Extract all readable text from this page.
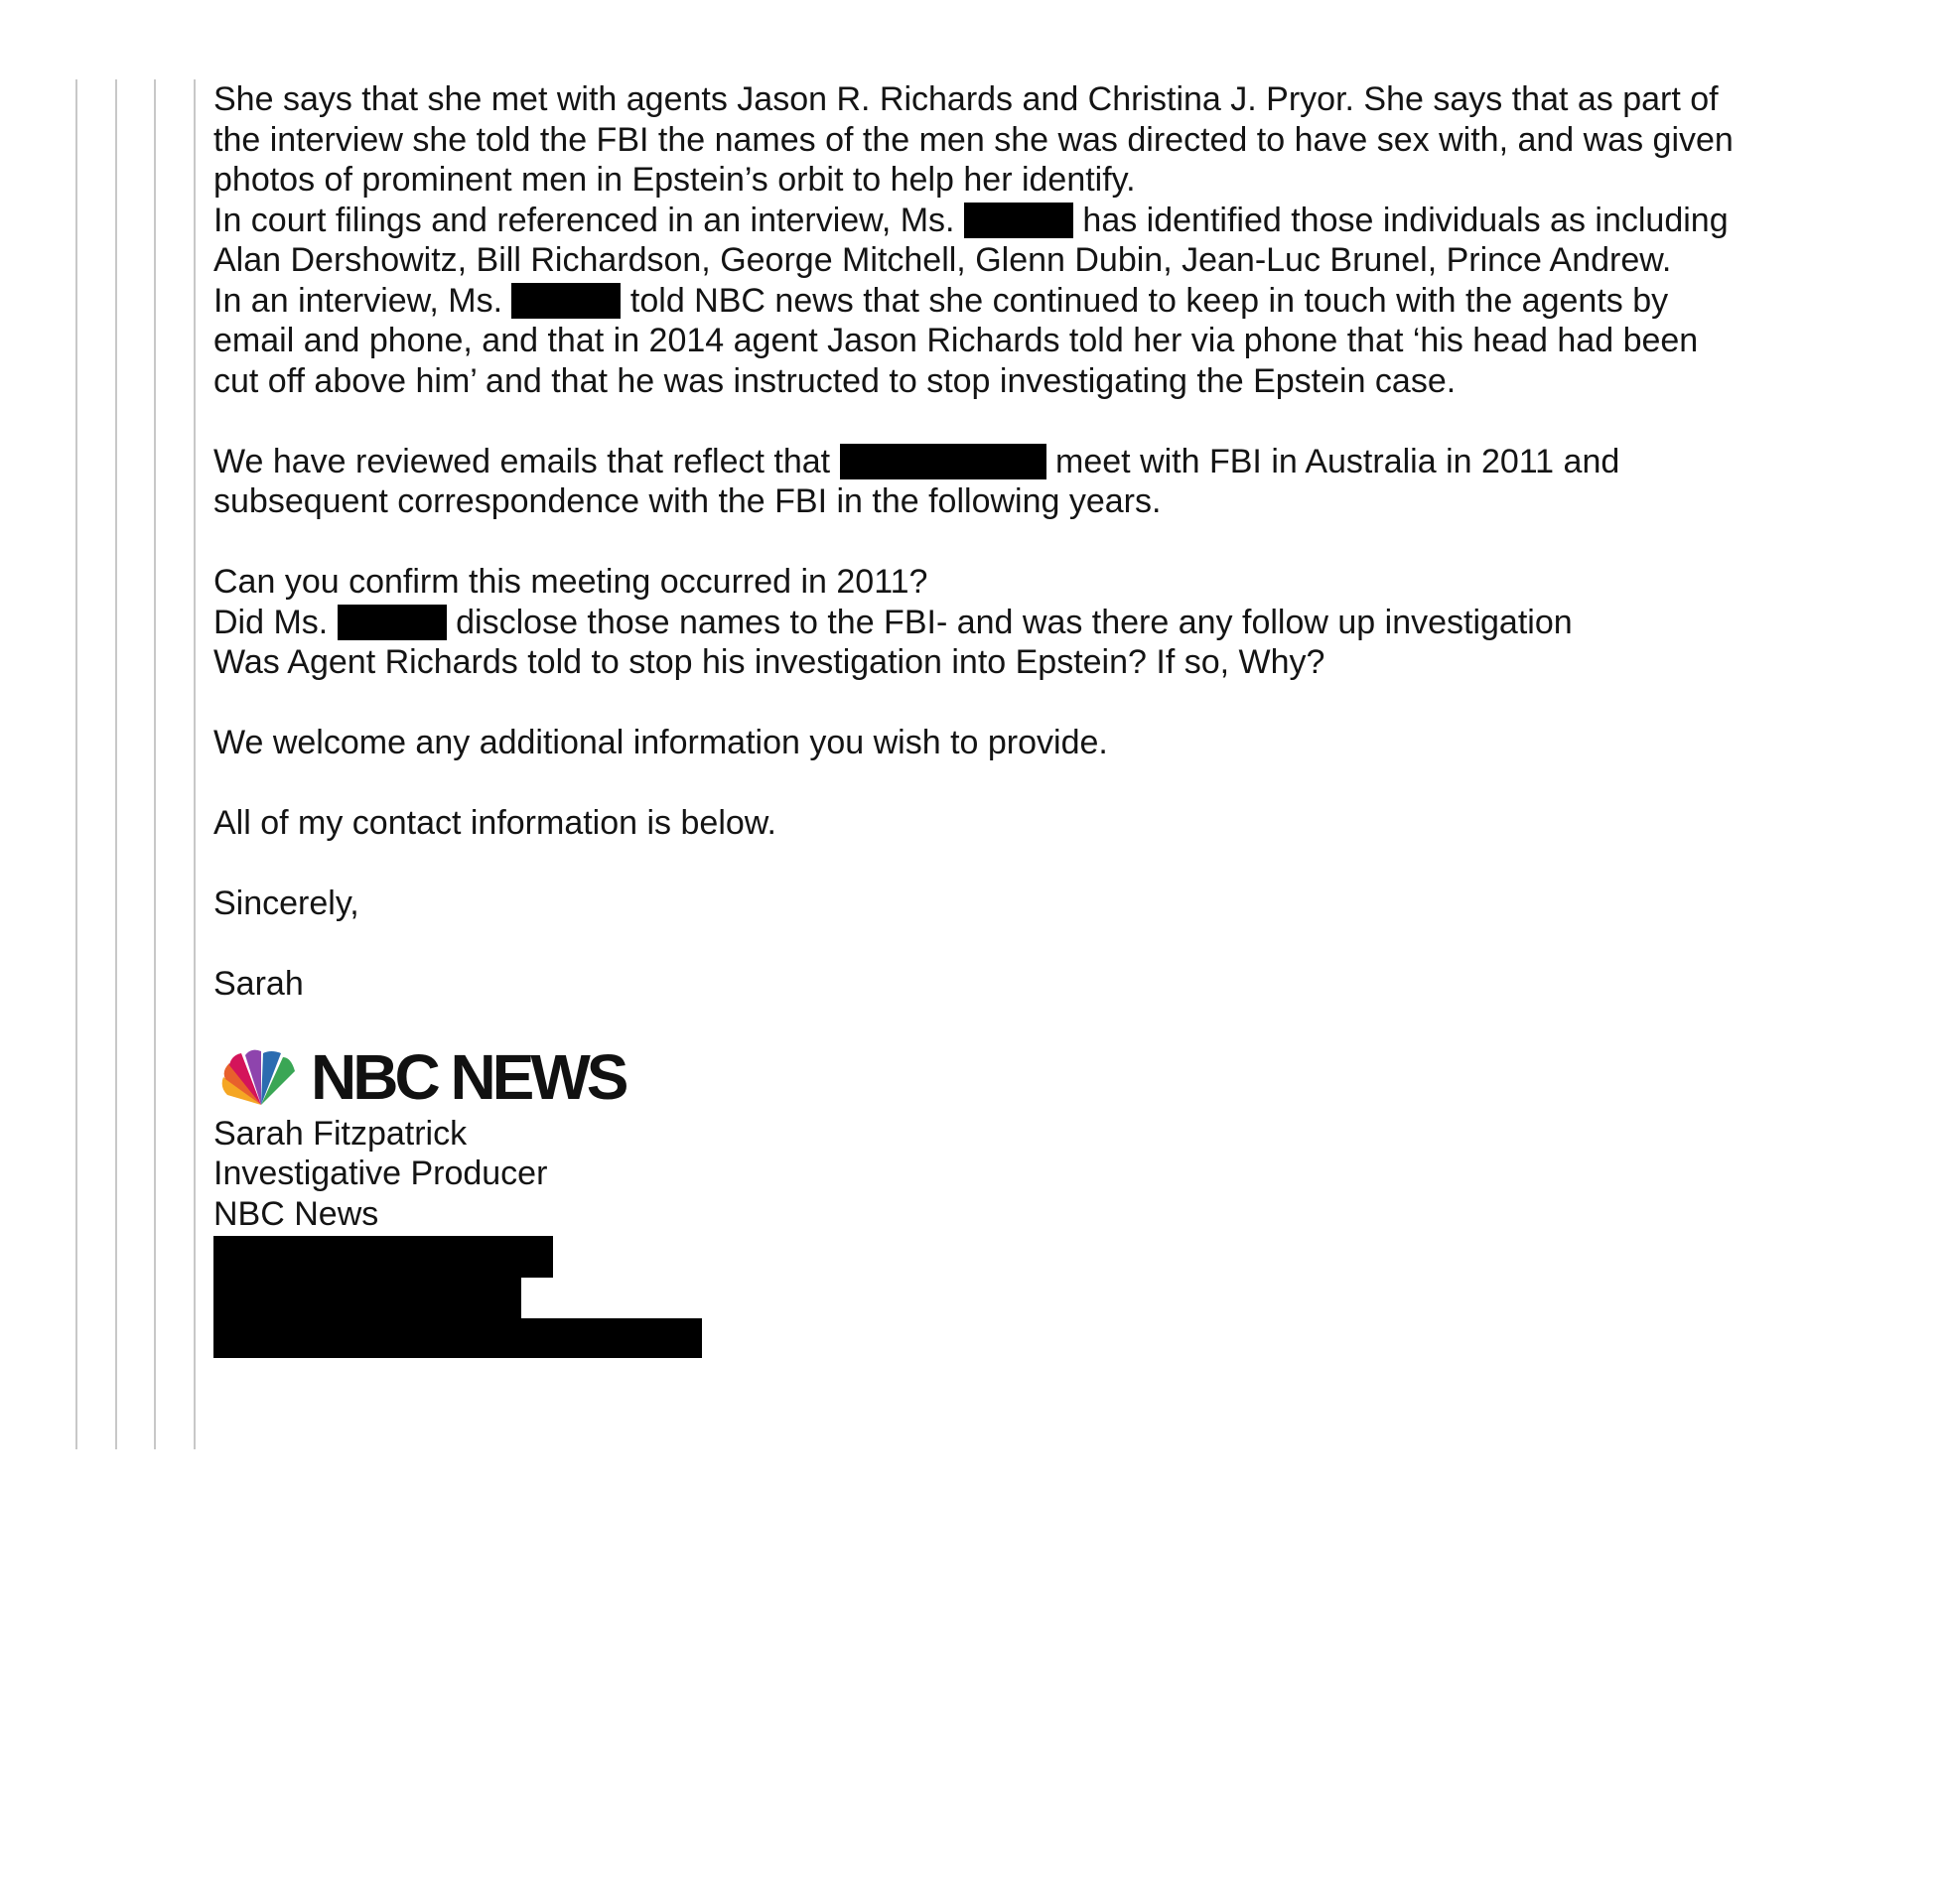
She says that she met with agents Jason R. Richards and Christina J. Pryor. She says that as part of
the interview she told the FBI the names of the men she was directed to have sex with, and was given
photos of prominent men in Epstein’s orbit to help her identify.
In court filings and referenced in an interview, Ms.	has identified those individuals as including
Alan Dershowitz, Bill Richardson, George Mitchell, Glenn Dubin, Jean-Luc Brunel, Prince Andrew.
In an interview, Ms.	told NBC news that she continued to keep in touch with the agents by
email and phone, and that in 2014 agent Jason Richards told her via phone that ‘his head had been
cut off above him’ and that he was instructed to stop investigating the Epstein case.
We have reviewed emails that reflect that	meet with FBI in Australia in 2011 and
subsequent correspondence with the FBI in the following years.
Can you confirm this meeting occurred in 2011?
Did Ms.	disclose those names to the FBI- and was there any follow up investigation
Was Agent Richards told to stop his investigation into Epstein? If so, Why?
We welcome any additional information you wish to provide.
All of my contact information is below.
Sincerely,
Sarah
NBC NEWS
Sarah Fitzpatrick
Investigative Producer
NBC News
